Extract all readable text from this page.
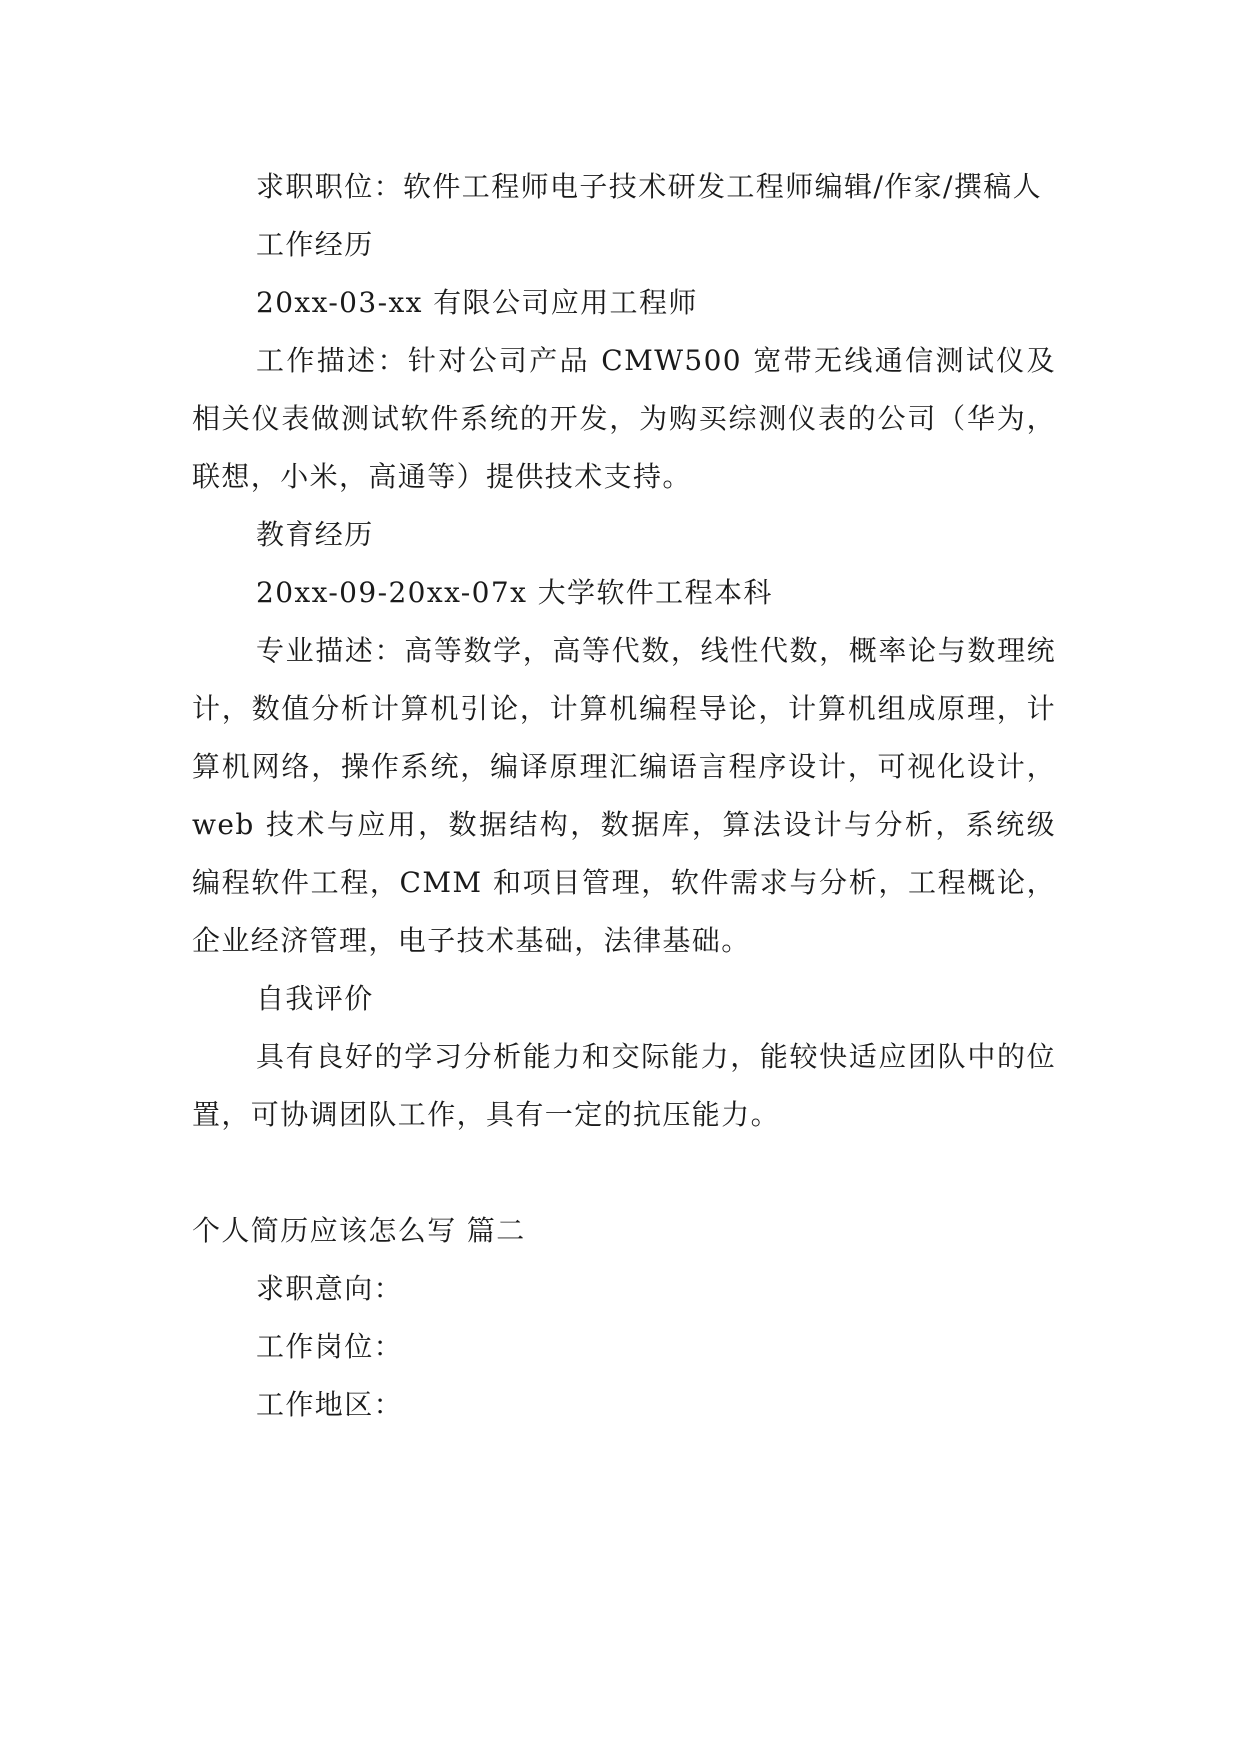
求职职位：软件工程师电子技术研发工程师编辑/作家/撰稿人

工作经历

20xx-03-xx 有限公司应用工程师

工作描述：针对公司产品 CMW500 宽带无线通信测试仪及相关仪表做测试软件系统的开发，为购买综测仪表的公司（华为，联想，小米，高通等）提供技术支持。

教育经历

20xx-09-20xx-07x 大学软件工程本科

专业描述：高等数学，高等代数，线性代数，概率论与数理统计，数值分析计算机引论，计算机编程导论，计算机组成原理，计算机网络，操作系统，编译原理汇编语言程序设计，可视化设计，web 技术与应用，数据结构，数据库，算法设计与分析，系统级编程软件工程，CMM 和项目管理，软件需求与分析，工程概论，企业经济管理，电子技术基础，法律基础。

自我评价

具有良好的学习分析能力和交际能力，能较快适应团队中的位置，可协调团队工作，具有一定的抗压能力。

个人简历应该怎么写 篇二

求职意向：

工作岗位：

工作地区：
